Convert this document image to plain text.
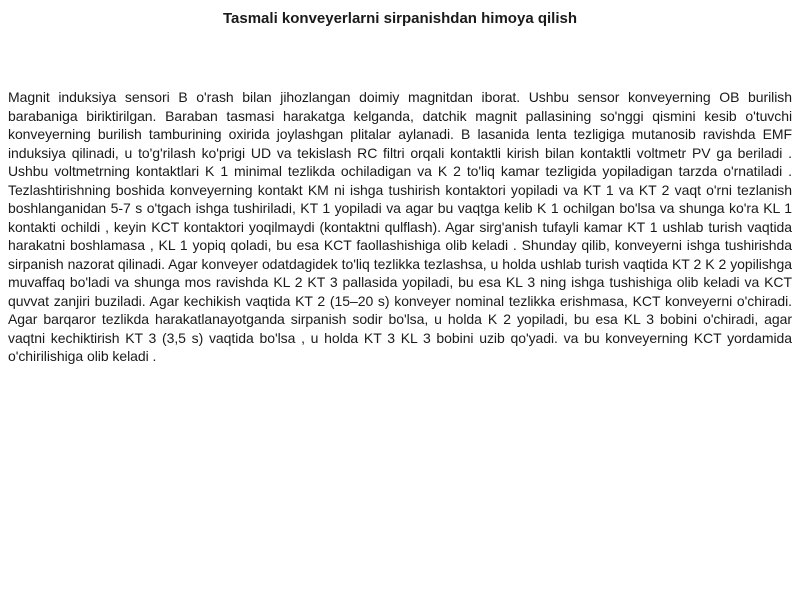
Tasmali konveyerlarni sirpanishdan himoya qilish
Magnit induksiya sensori B o'rash bilan jihozlangan doimiy magnitdan iborat. Ushbu sensor konveyerning OB burilish barabaniga biriktirilgan. Baraban tasmasi harakatga kelganda, datchik magnit pallasining so'nggi qismini kesib o'tuvchi konveyerning burilish tamburining oxirida joylashgan plitalar aylanadi. B lasanida lenta tezligiga mutanosib ravishda EMF induksiya qilinadi, u to'g'rilash ko'prigi UD va tekislash RC filtri orqali kontaktli kirish bilan kontaktli voltmetr PV ga beriladi . Ushbu voltmetrning kontaktlari K 1 minimal tezlikda ochiladigan va K 2 to'liq kamar tezligida yopiladigan tarzda o'rnatiladi . Tezlashtirishning boshida konveyerning kontakt KM ni ishga tushirish kontaktori yopiladi va KT 1 va KT 2 vaqt o'rni tezlanish boshlanganidan 5-7 s o'tgach ishga tushiriladi, KT 1 yopiladi va agar bu vaqtga kelib K 1 ochilgan bo'lsa va shunga ko'ra KL 1 kontakti ochildi , keyin KCT kontaktori yoqilmaydi (kontaktni qulflash). Agar sirg'anish tufayli kamar KT 1 ushlab turish vaqtida harakatni boshlamasa , KL 1 yopiq qoladi, bu esa KCT faollashishiga olib keladi . Shunday qilib, konveyerni ishga tushirishda sirpanish nazorat qilinadi. Agar konveyer odatdagidek to'liq tezlikka tezlashsa, u holda ushlab turish vaqtida KT 2 K 2 yopilishga muvaffaq bo'ladi va shunga mos ravishda KL 2 KT 3 pallasida yopiladi, bu esa KL 3 ning ishga tushishiga olib keladi va KCT quvvat zanjiri buziladi. Agar kechikish vaqtida KT 2 (15–20 s) konveyer nominal tezlikka erishmasa, KCT konveyerni o'chiradi. Agar barqaror tezlikda harakatlanayotganda sirpanish sodir bo'lsa, u holda K 2 yopiladi, bu esa KL 3 bobini o'chiradi, agar vaqtni kechiktirish KT 3 (3,5 s) vaqtida bo'lsa , u holda KT 3 KL 3 bobini uzib qo'yadi. va bu konveyerning KCT yordamida o'chirilishiga olib keladi .
